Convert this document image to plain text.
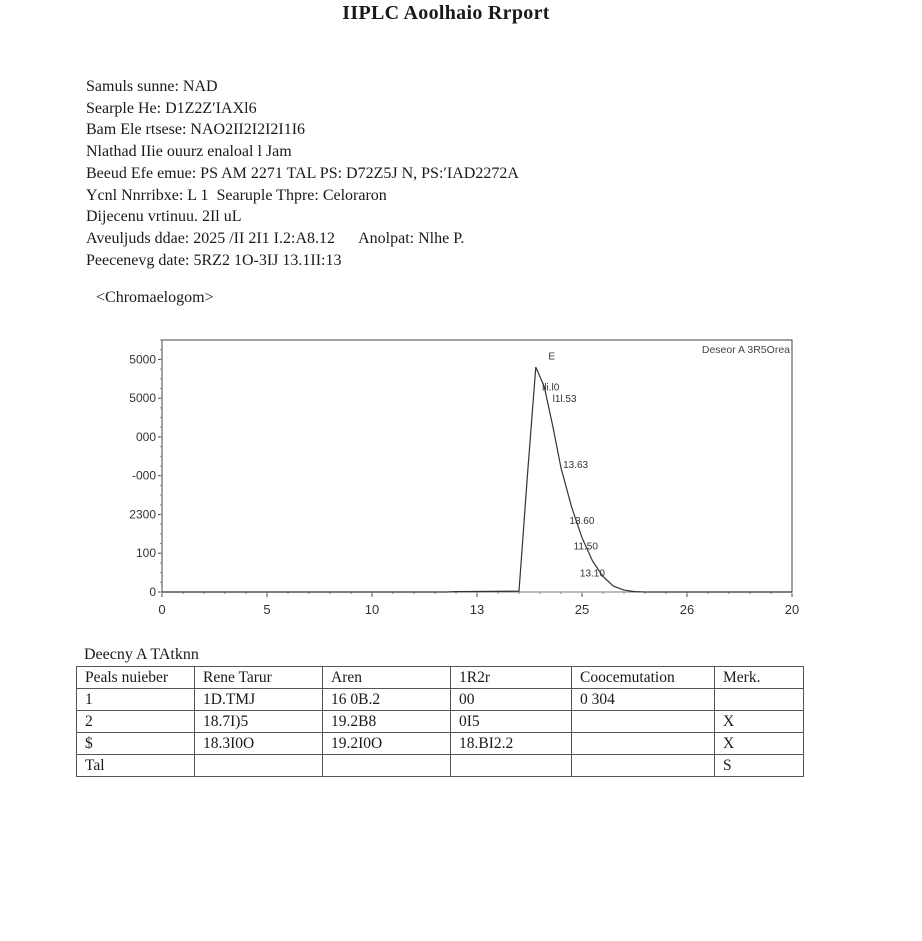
IIPLC Aoolhaio Rrport
Samuls sunne: NAD
Searple He: D1Z2Z′IAXl6
Bam Ele rtsese: NAO2II2I2I2I1I6
Nlathad IIie ouurz enaloal l Jam
Beeud Efe emue: PS AM 2271 TAL PS: D72Z5J N, PS:′IAD2272A
Ycnl Nnrribxe: L 1  Searuple Thpre: Celoraron
Dijecenu vrtinuu. 2Il uL
Aveuljuds ddae: 2025 /II 2I1 I.2:A8.12      Anolpat: Nlhe P.
Peecenevg date: 5RZ2 1O-3IJ 13.1II:13
<Chromaelogom>
0
100
2300
-000
000
5000
5000
0	5	10	13	25	26	20
Deseor A 3R5Orea
E
lli.l0
l1l.53
13.63
13.60
11.50
13.10
Deecny A TAtknn
Peals nuieber	Rene Tarur	Aren	1R2r	Coocemutation	Merk.
1	1D.TMJ	16 0B.2	00	0 304	
2	18.7I)5	19.2B8	0I5		X
$	18.3I0O	19.2I0O	18.BI2.2		X
Tal					S
